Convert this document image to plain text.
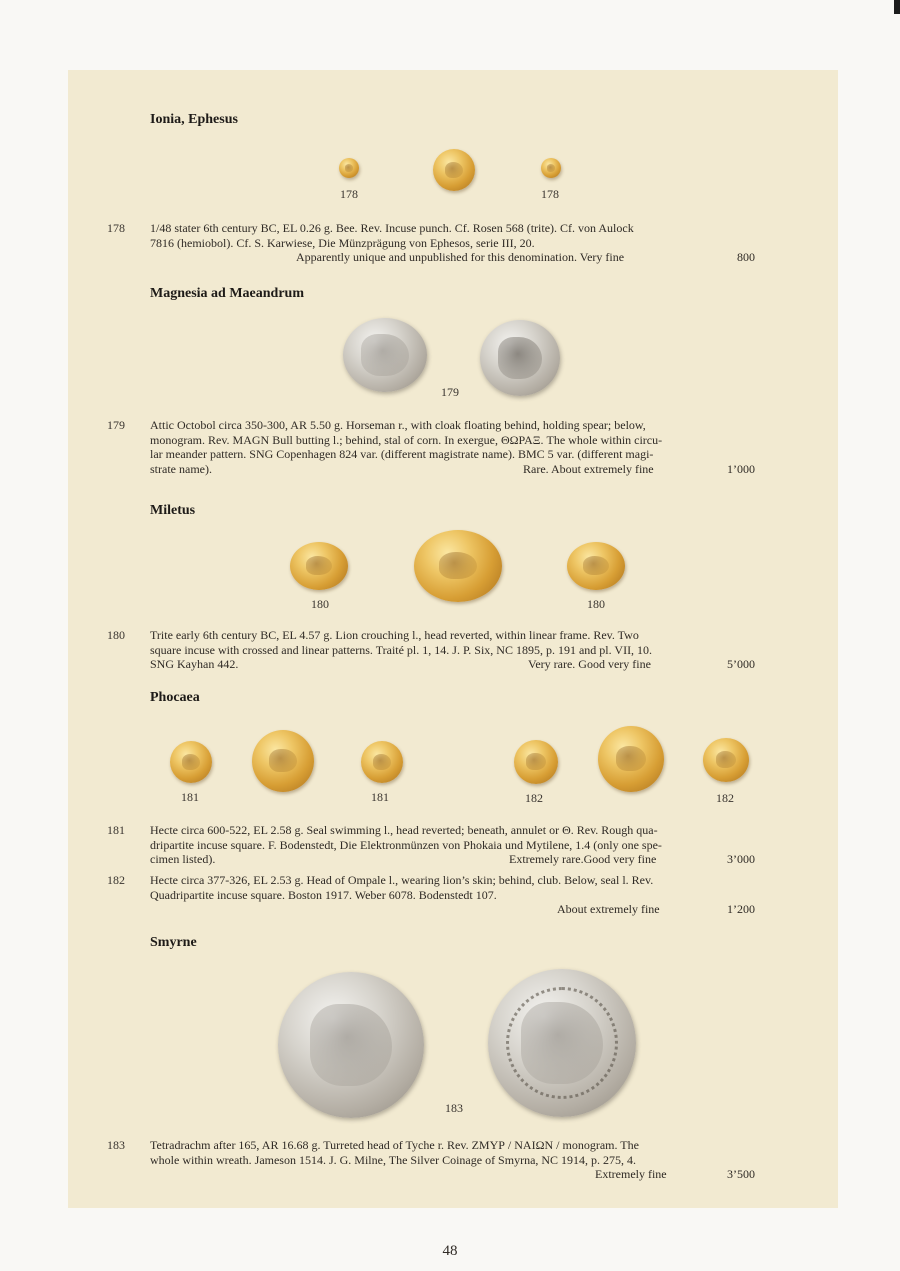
Ionia, Ephesus
178	178
178 1/48 stater 6th century BC, EL 0.26 g. Bee. Rev. Incuse punch. Cf. Rosen 568 (trite). Cf. von Aulock
7816 (hemiobol). Cf. S. Karwiese, Die Münzprägung von Ephesos, serie III, 20.
Apparently unique and unpublished for this denomination. Very fine	800
Magnesia ad Maeandrum
179
179 Attic Octobol circa 350-300, AR 5.50 g. Horseman r., with cloak floating behind, holding spear; below,
monogram. Rev. MAGN Bull butting l.; behind, stal of corn. In exergue, ΘΩΡΑΞ. The whole within circu-
lar meander pattern. SNG Copenhagen 824 var. (different magistrate name). BMC 5 var. (different magi-
strate name).	Rare. About extremely fine	1’000
Miletus
180	180
180 Trite early 6th century BC, EL 4.57 g. Lion crouching l., head reverted, within linear frame. Rev. Two
square incuse with crossed and linear patterns. Traité pl. 1, 14. J. P. Six, NC 1895, p. 191 and pl. VII, 10.
SNG Kayhan 442.	Very rare. Good very fine	5’000
Phocaea
181	181	182	182
181 Hecte circa 600-522, EL 2.58 g. Seal swimming l., head reverted; beneath, annulet or Θ. Rev. Rough qua-
dripartite incuse square. F. Bodenstedt, Die Elektronmünzen von Phokaia und Mytilene, 1.4 (only one spe-
cimen listed).	Extremely rare.Good very fine	3’000
182 Hecte circa 377-326, EL 2.53 g. Head of Ompale l., wearing lion’s skin; behind, club. Below, seal l. Rev.
Quadripartite incuse square. Boston 1917. Weber 6078. Bodenstedt 107.
About extremely fine	1’200
Smyrne
183
183 Tetradrachm after 165, AR 16.68 g. Turreted head of Tyche r. Rev. ΖΜΥΡ / ΝΑΙΩΝ / monogram. The
whole within wreath. Jameson 1514. J. G. Milne, The Silver Coinage of Smyrna, NC 1914, p. 275, 4.
Extremely fine	3’500
48
